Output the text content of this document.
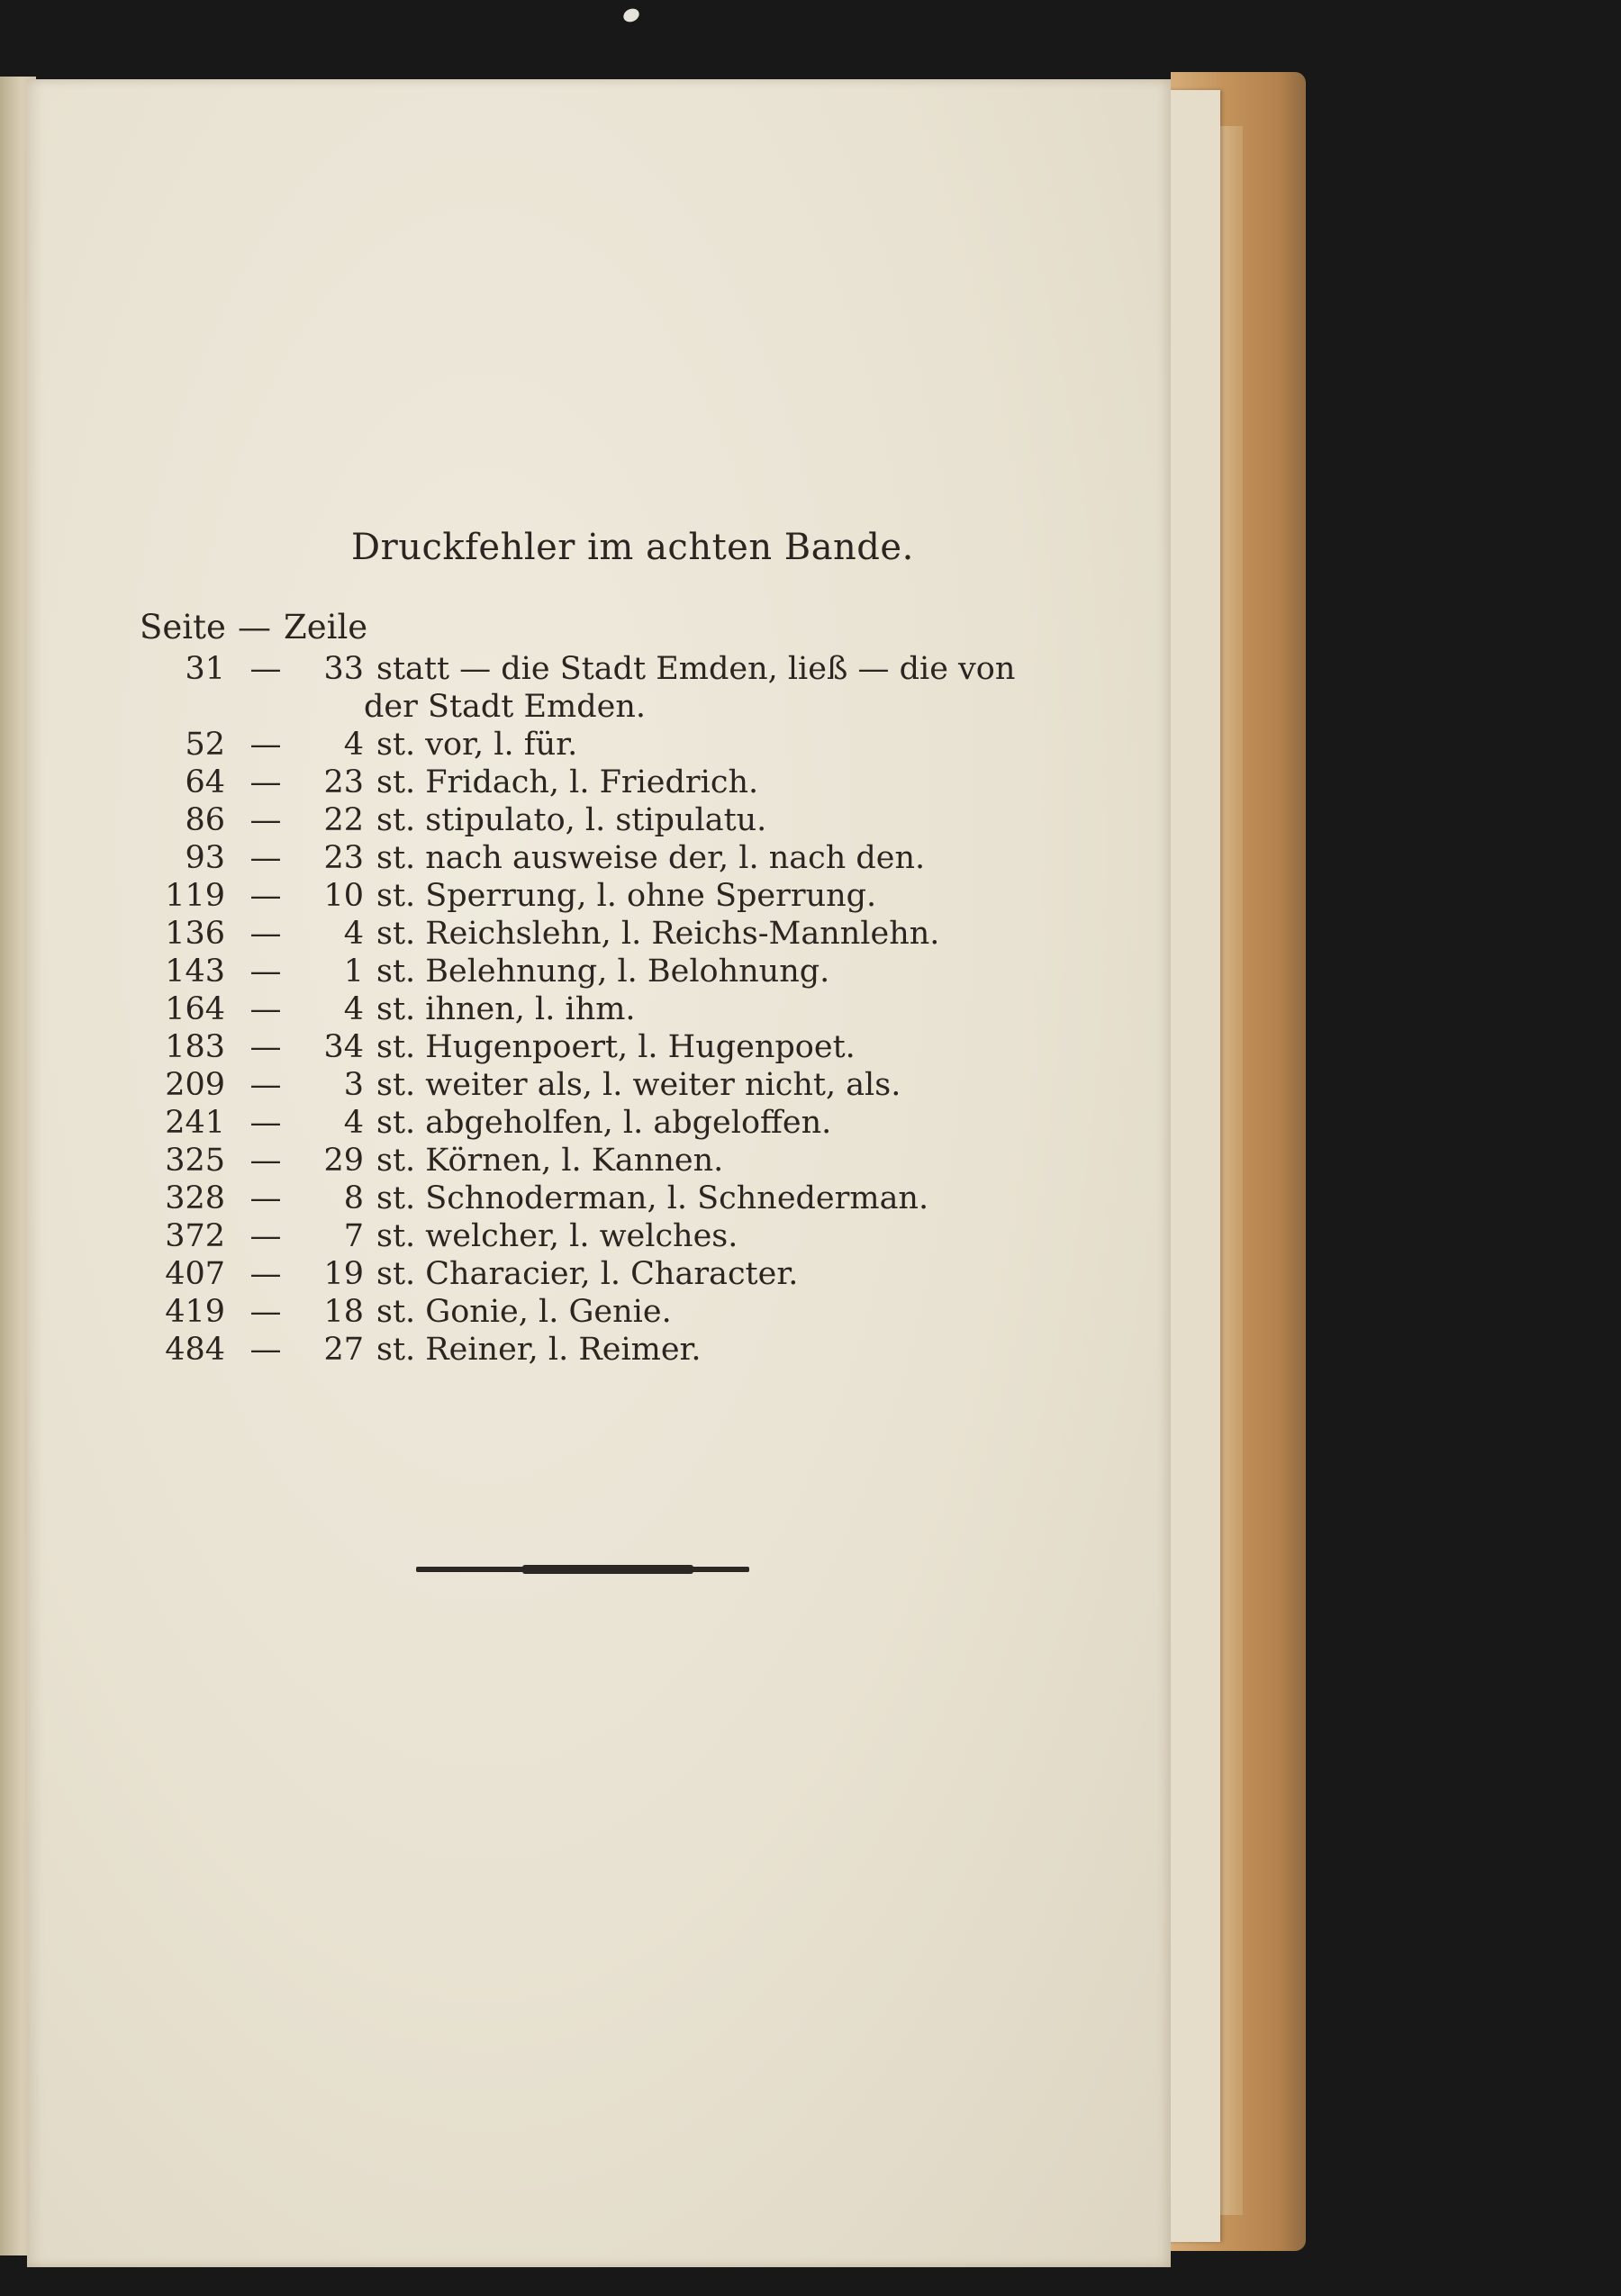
Druckfehler im achten Bande.
Seite — Zeile
31 —	33 statt — die Stadt Emden, ließ — die von
der Stadt Emden.
52 —	4 st. vor, l. für.
64 —	23 st. Fridach, l. Friedrich.
86 —	22 st. stipulato, l. stipulatu.
93 —	23 st. nach ausweise der, l. nach den.
119 —	10 st. Sperrung, l. ohne Sperrung.
136 —	4 st. Reichslehn, l. Reichs-Mannlehn.
143 —	1 st. Belehnung, l. Belohnung.
164 —	4 st. ihnen, l. ihm.
183 —	34 st. Hugenpoert, l. Hugenpoet.
209 —	3 st. weiter als, l. weiter nicht, als.
241 —	4 st. abgeholfen, l. abgeloffen.
325 —	29 st. Körnen, l. Kannen.
328 —	8 st. Schnoderman, l. Schnederman.
372 —	7 st. welcher, l. welches.
407 —	19 st. Characier, l. Character.
419 —	18 st. Gonie, l. Genie.
484 —	27 st. Reiner, l. Reimer.
